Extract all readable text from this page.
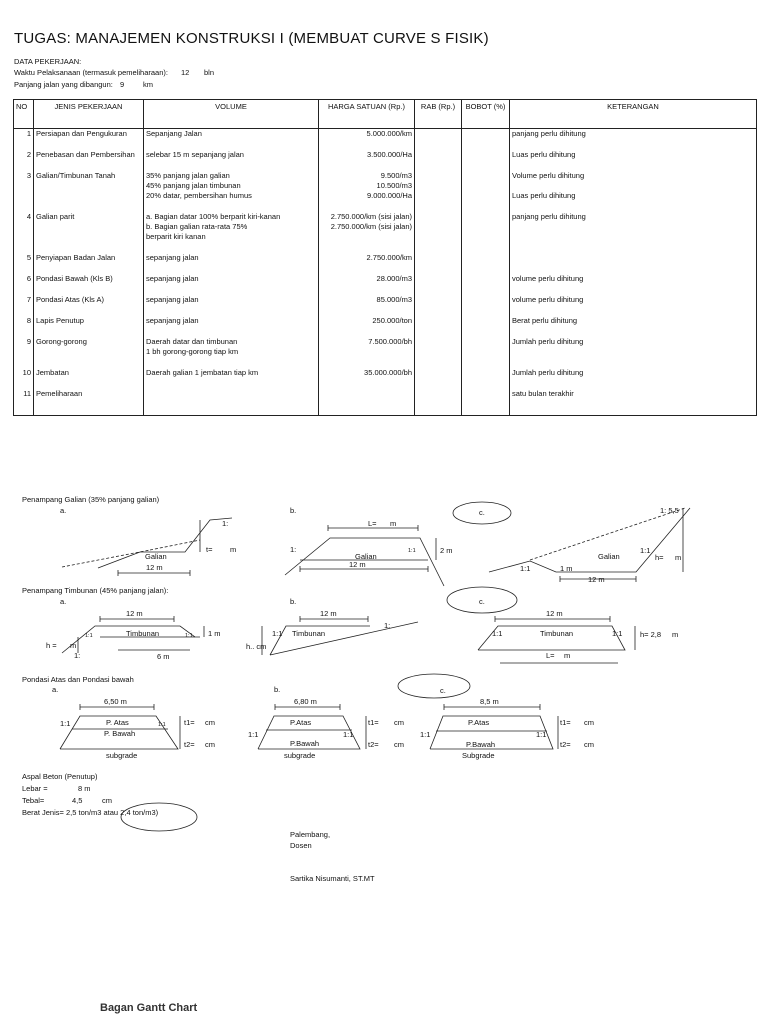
TUGAS: MANAJEMEN KONSTRUKSI I (MEMBUAT CURVE S FISIK)
DATA PEKERJAAN:
Waktu Pelaksanaan (termasuk pemeliharaan): 12 bln
Panjang jalan yang dibangun: 9	km
NO	JENIS PEKERJAAN	VOLUME	HARGA SATUAN (Rp.)	RAB (Rp.)	BOBOT (%)	KETERANGAN
1	Persiapan dan Pengukuran	Sepanjang Jalan	5.000.000/km			panjang perlu dihitung

2	Penebasan dan Pembersihan	selebar 15 m sepanjang jalan	3.500.000/Ha			Luas perlu dihitung

3	Galian/Timbunan Tanah	35% panjang jalan galian	9.500/m3			Volume perlu dihitung
		45% panjang jalan timbunan	10.500/m3			
		20% datar, pembersihan humus	9.000.000/Ha			Luas perlu dihitung

4	Galian parit	a. Bagian datar 100% berparit kiri-kanan	2.750.000/km (sisi jalan)			panjang perlu dihitung
		b. Bagian galian rata-rata 75%	2.750.000/km (sisi jalan)			
		berparit kiri kanan				

5	Penyiapan Badan Jalan	sepanjang jalan	2.750.000/km			

6	Pondasi Bawah (Kls B)	sepanjang jalan	28.000/m3			volume perlu dihitung

7	Pondasi Atas (Kls A)	sepanjang jalan	85.000/m3			volume perlu dihitung

8	Lapis Penutup	sepanjang jalan	250.000/ton			Berat perlu dihitung

9	Gorong-gorong	Daerah datar dan timbunan	7.500.000/bh			Jumlah perlu dihitung
		1 bh gorong-gorong tiap km				

10	Jembatan	Daerah galian 1 jembatan tiap km	35.000.000/bh			Jumlah perlu dihitung

11	Pemeliharaan					satu bulan terakhir

Penampang Galian (35% panjang galian)
a.
1:
Galian
t= m
12 m
b.
L= m
1:	1:1
Galian
2 m
12 m
c.	1: 5,5
1:1
Galian	h= m
1:1	1 m
12 m
Penampang Timbunan (45% panjang jalan):
a.
12 m
1:1	1:1
Timbunan	1 m
h = m
1:	6 m
b.
12 m
1:
1:1 Timbunan
h.. cm
c.
12 m
1:1	1:1
Timbunan	h= 2,8 m
L= m
Pondasi Atas dan Pondasi bawah
a.
6,50 m
1:1	1:1
P. Atas
P. Bawah
t1= cm
t2= cm
subgrade
b.
6,80 m
1:1	1:1
P.Atas
P.Bawah
t1= cm
t2= cm
subgrade
c.
8,5 m
1:1	1:1
P.Atas
P.Bawah
t1= cm
t2= cm
Subgrade
Aspal Beton (Penutup)
Lebar =	8 m
Tebal=	4,5	cm
Berat Jenis= 2,5 ton/m3 atau 2,4 ton/m3)
Palembang,
Dosen
Sartika Nisumanti, ST.MT
Bagan Gantt Chart
